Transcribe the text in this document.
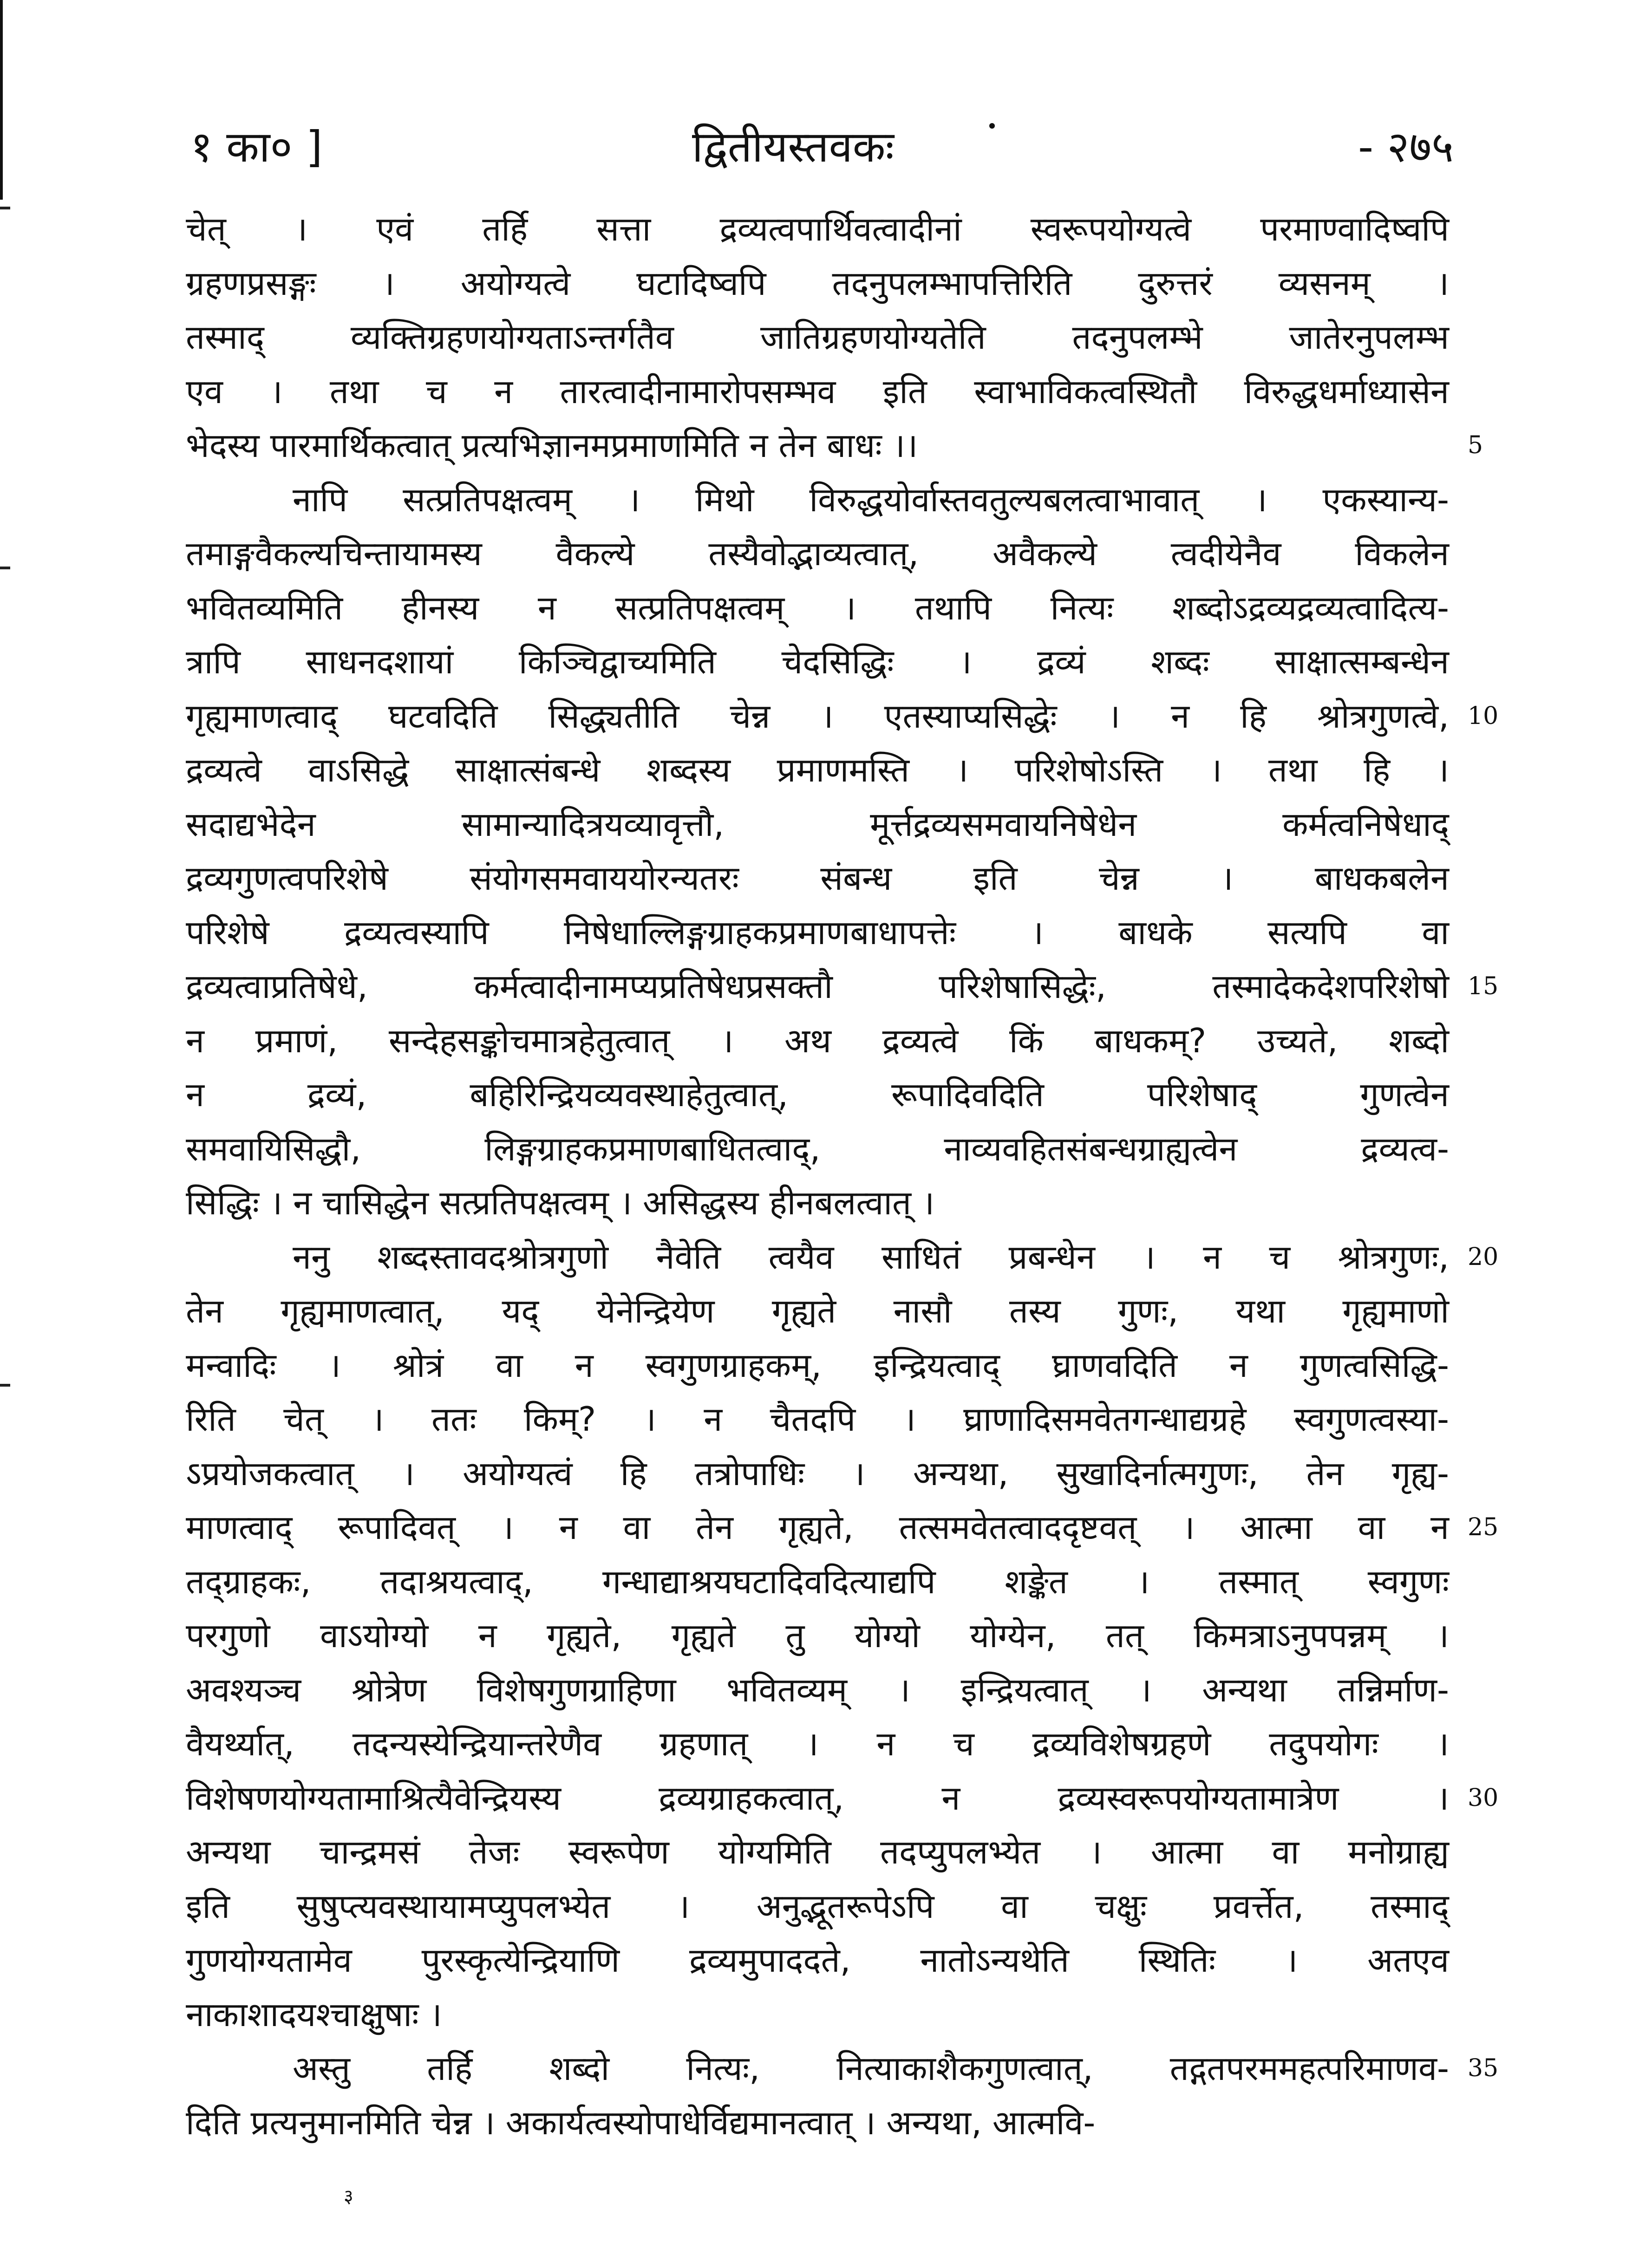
१ का० ]	द्वितीयस्तवकः	- २७५
चेत् । एवं तर्हि सत्ता द्रव्यत्वपार्थिवत्वादीनां स्वरूपयोग्यत्वे परमाण्वादिष्वपि
ग्रहणप्रसङ्गः । अयोग्यत्वे घटादिष्वपि तदनुपलम्भापत्तिरिति दुरुत्तरं व्यसनम् ।
तस्माद् व्यक्तिग्रहणयोग्यताऽन्तर्गतैव जातिग्रहणयोग्यतेति तदनुपलम्भे जातेरनुपलम्भ
एव । तथा च न तारत्वादीनामारोपसम्भव इति स्वाभाविकत्वस्थितौ विरुद्धधर्माध्यासेन
भेदस्य पारमार्थिकत्वात् प्रत्यभिज्ञानमप्रमाणमिति न तेन बाधः ।।	5
नापि सत्प्रतिपक्षत्वम् । मिथो विरुद्धयोर्वास्तवतुल्यबलत्वाभावात् । एकस्यान्य-
तमाङ्गवैकल्यचिन्तायामस्य वैकल्ये तस्यैवोद्भाव्यत्वात्, अवैकल्ये त्वदीयेनैव विकलेन
भवितव्यमिति हीनस्य न सत्प्रतिपक्षत्वम् । तथापि नित्यः शब्दोऽद्रव्यद्रव्यत्वादित्य-
त्रापि साधनदशायां किञ्चिद्वाच्यमिति चेदसिद्धिः । द्रव्यं शब्दः साक्षात्सम्बन्धेन
गृह्यमाणत्वाद् घटवदिति सिद्ध्यतीति चेन्न । एतस्याप्यसिद्धेः । न हि श्रोत्रगुणत्वे, 10
द्रव्यत्वे वाऽसिद्धे साक्षात्संबन्धे शब्दस्य प्रमाणमस्ति । परिशेषोऽस्ति । तथा हि ।
सदाद्यभेदेन सामान्यादित्रयव्यावृत्तौ, मूर्त्तद्रव्यसमवायनिषेधेन कर्मत्वनिषेधाद्
द्रव्यगुणत्वपरिशेषे संयोगसमवाययोरन्यतरः संबन्ध इति चेन्न । बाधकबलेन
परिशेषे द्रव्यत्वस्यापि निषेधाल्लिङ्गग्राहकप्रमाणबाधापत्तेः । बाधके सत्यपि वा
द्रव्यत्वाप्रतिषेधे, कर्मत्वादीनामप्यप्रतिषेधप्रसक्तौ परिशेषासिद्धेः, तस्मादेकदेशपरिशेषो 15
न प्रमाणं, सन्देहसङ्कोचमात्रहेतुत्वात् । अथ द्रव्यत्वे किं बाधकम्? उच्यते, शब्दो
न द्रव्यं, बहिरिन्द्रियव्यवस्थाहेतुत्वात्, रूपादिवदिति परिशेषाद् गुणत्वेन
समवायिसिद्धौ, लिङ्गग्राहकप्रमाणबाधितत्वाद्, नाव्यवहितसंबन्धग्राह्यत्वेन द्रव्यत्व-
सिद्धिः । न चासिद्धेन सत्प्रतिपक्षत्वम् । असिद्धस्य हीनबलत्वात् ।
ननु शब्दस्तावदश्रोत्रगुणो नैवेति त्वयैव साधितं प्रबन्धेन । न च श्रोत्रगुणः, 20
तेन गृह्यमाणत्वात्, यद् येनेन्द्रियेण गृह्यते नासौ तस्य गुणः, यथा गृह्यमाणो
मन्वादिः । श्रोत्रं वा न स्वगुणग्राहकम्, इन्द्रियत्वाद् घ्राणवदिति न गुणत्वसिद्धि-
रिति चेत् । ततः किम्? । न चैतदपि । घ्राणादिसमवेतगन्धाद्यग्रहे स्वगुणत्वस्या-
ऽप्रयोजकत्वात् । अयोग्यत्वं हि तत्रोपाधिः । अन्यथा, सुखादिर्नात्मगुणः, तेन गृह्य-
माणत्वाद् रूपादिवत् । न वा तेन गृह्यते, तत्समवेतत्वाददृष्टवत् । आत्मा वा न 25
तद्ग्राहकः, तदाश्रयत्वाद्, गन्धाद्याश्रयघटादिवदित्याद्यपि शङ्केत । तस्मात् स्वगुणः
परगुणो वाऽयोग्यो न गृह्यते, गृह्यते तु योग्यो योग्येन, तत् किमत्राऽनुपपन्नम् ।
अवश्यञ्च श्रोत्रेण विशेषगुणग्राहिणा भवितव्यम् । इन्द्रियत्वात् । अन्यथा तन्निर्माण-
वैयर्थ्यात्, तदन्यस्येन्द्रियान्तरेणैव ग्रहणात् । न च द्रव्यविशेषग्रहणे तदुपयोगः ।
विशेषणयोग्यतामाश्रित्यैवेन्द्रियस्य द्रव्यग्राहकत्वात्, न द्रव्यस्वरूपयोग्यतामात्रेण । 30
अन्यथा चान्द्रमसं तेजः स्वरूपेण योग्यमिति तदप्युपलभ्येत । आत्मा वा मनोग्राह्य
इति सुषुप्त्यवस्थायामप्युपलभ्येत । अनुद्भूतरूपेऽपि वा चक्षुः प्रवर्त्तेत, तस्माद्
गुणयोग्यतामेव पुरस्कृत्येन्द्रियाणि द्रव्यमुपाददते, नातोऽन्यथेति स्थितिः । अतएव
नाकाशादयश्चाक्षुषाः ।
अस्तु तर्हि शब्दो नित्यः, नित्याकाशैकगुणत्वात्, तद्गतपरममहत्परिमाणव- 35
दिति प्रत्यनुमानमिति चेन्न । अकार्यत्वस्योपाधेर्विद्यमानत्वात् । अन्यथा, आत्मवि-
३
